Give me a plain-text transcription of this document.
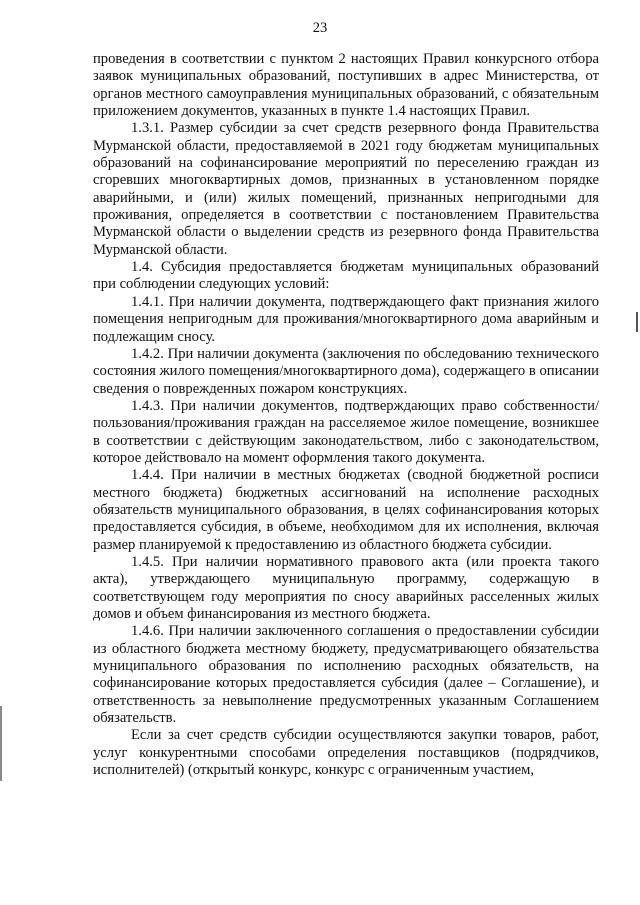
23

проведения в соответствии с пунктом 2 настоящих Правил конкурсного отбора заявок муниципальных образований, поступивших в адрес Министерства, от органов местного самоуправления муниципальных образований, с обязательным приложением документов, указанных в пункте 1.4 настоящих Правил.

1.3.1. Размер субсидии за счет средств резервного фонда Правительства Мурманской области, предоставляемой в 2021 году бюджетам муниципальных образований на софинансирование мероприятий по переселению граждан из сгоревших многоквартирных домов, признанных в установленном порядке аварийными, и (или) жилых помещений, признанных непригодными для проживания, определяется в соответствии с постановлением Правительства Мурманской области о выделении средств из резервного фонда Правительства Мурманской области.

1.4. Субсидия предоставляется бюджетам муниципальных образований при соблюдении следующих условий:

1.4.1. При наличии документа, подтверждающего факт признания жилого помещения непригодным для проживания/многоквартирного дома аварийным и подлежащим сносу.

1.4.2. При наличии документа (заключения по обследованию технического состояния жилого помещения/многоквартирного дома), содержащего в описании сведения о поврежденных пожаром конструкциях.

1.4.3. При наличии документов, подтверждающих право собственности/пользования/проживания граждан на расселяемое жилое помещение, возникшее в соответствии с действующим законодательством, либо с законодательством, которое действовало на момент оформления такого документа.

1.4.4. При наличии в местных бюджетах (сводной бюджетной росписи местного бюджета) бюджетных ассигнований на исполнение расходных обязательств муниципального образования, в целях софинансирования которых предоставляется субсидия, в объеме, необходимом для их исполнения, включая размер планируемой к предоставлению из областного бюджета субсидии.

1.4.5. При наличии нормативного правового акта (или проекта такого акта), утверждающего муниципальную программу, содержащую в соответствующем году мероприятия по сносу аварийных расселенных жилых домов и объем финансирования из местного бюджета.

1.4.6. При наличии заключенного соглашения о предоставлении субсидии из областного бюджета местному бюджету, предусматривающего обязательства муниципального образования по исполнению расходных обязательств, на софинансирование которых предоставляется субсидия (далее – Соглашение), и ответственность за невыполнение предусмотренных указанным Соглашением обязательств.

Если за счет средств субсидии осуществляются закупки товаров, работ, услуг конкурентными способами определения поставщиков (подрядчиков, исполнителей) (открытый конкурс, конкурс с ограниченным участием,
